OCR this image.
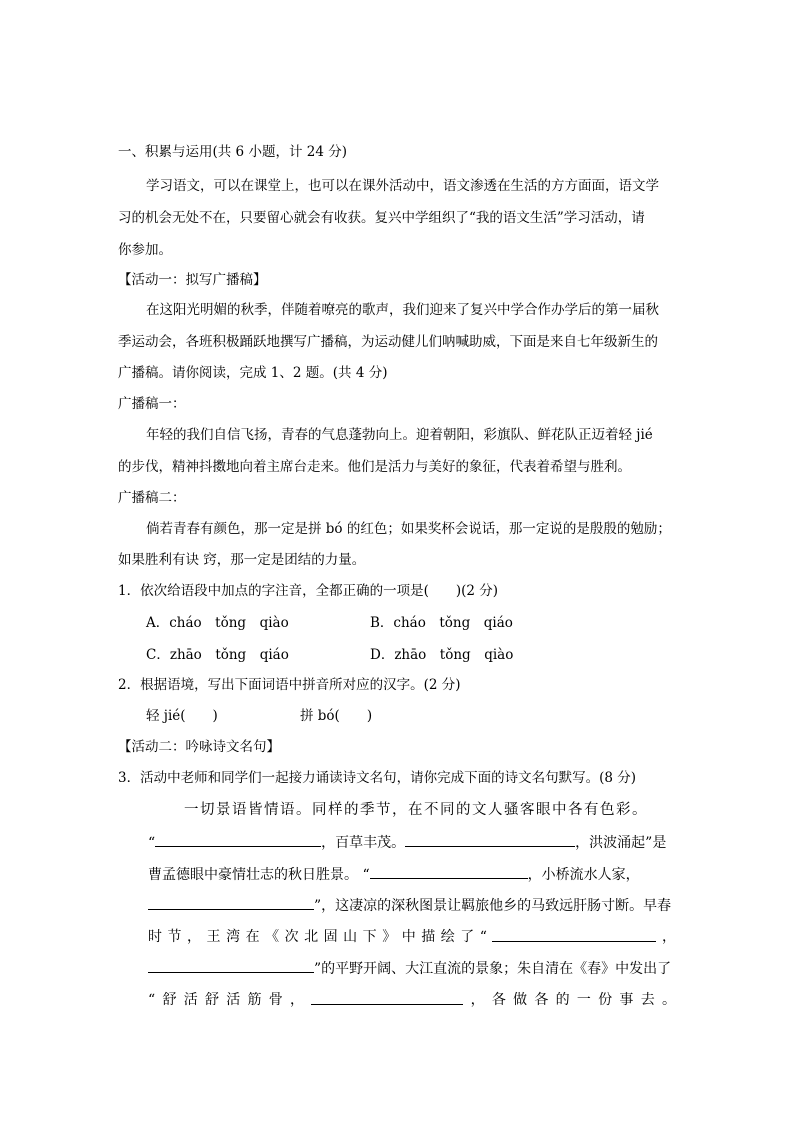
一、积累与运用(共 6 小题，计 24 分)
学习语文，可以在课堂上，也可以在课外活动中，语文渗透在生活的方方面面，语文学
习的机会无处不在，只要留心就会有收获。复兴中学组织了“我的语文生活”学习活动，请
你参加。
【活动一：拟写广播稿】
在这阳光明媚的秋季，伴随着嘹亮的歌声，我们迎来了复兴中学合作办学后的第一届秋
季运动会，各班积极踊跃地撰写广播稿，为运动健儿们呐喊助威，下面是来自七年级新生的
广播稿。请你阅读，完成 1、2 题。(共 4 分)
广播稿一：
年轻的我们自信飞扬，青春的气息蓬勃向上。迎着朝阳，彩旗队、鲜花队正迈着轻 jié
的步伐，精神抖擞地向着主席台走来。他们是活力与美好的象征，代表着希望与胜利。
广播稿二：
倘若青春有颜色，那一定是拼 bó 的红色；如果奖杯会说话，那一定说的是殷殷的勉励；
如果胜利有诀 窍，那一定是团结的力量。
1．依次给语段中加点的字注音，全都正确的一项是(　　)(2 分)
A．cháo　tǒng　qiào	B．cháo　tǒng　qiáo
C．zhāo　tǒng　qiáo	D．zhāo　tǒng　qiào
2．根据语境，写出下面词语中拼音所对应的汉字。(2 分)
轻 jié(　　)	拼 bó(　　)
【活动二：吟咏诗文名句】
3．活动中老师和同学们一起接力诵读诗文名句，请你完成下面的诗文名句默写。(8 分)
一切景语皆情语。同样的季节，在不同的文人骚客眼中各有色彩。
“	，百草丰茂。	，洪波涌起”是
曹孟德眼中豪情壮志的秋日胜景。 “	，小桥流水人家，
”，这凄凉的深秋图景让羁旅他乡的马致远肝肠寸断。早春
时 节 ， 王 湾 在 《 次 北 固 山 下 》 中 描 绘 了 “	，
”的平野开阔、大江直流的景象；朱自清在《春》中发出了
“ 舒 活 舒 活 筋 骨 ，	， 各 做 各 的 一 份 事 去 。
